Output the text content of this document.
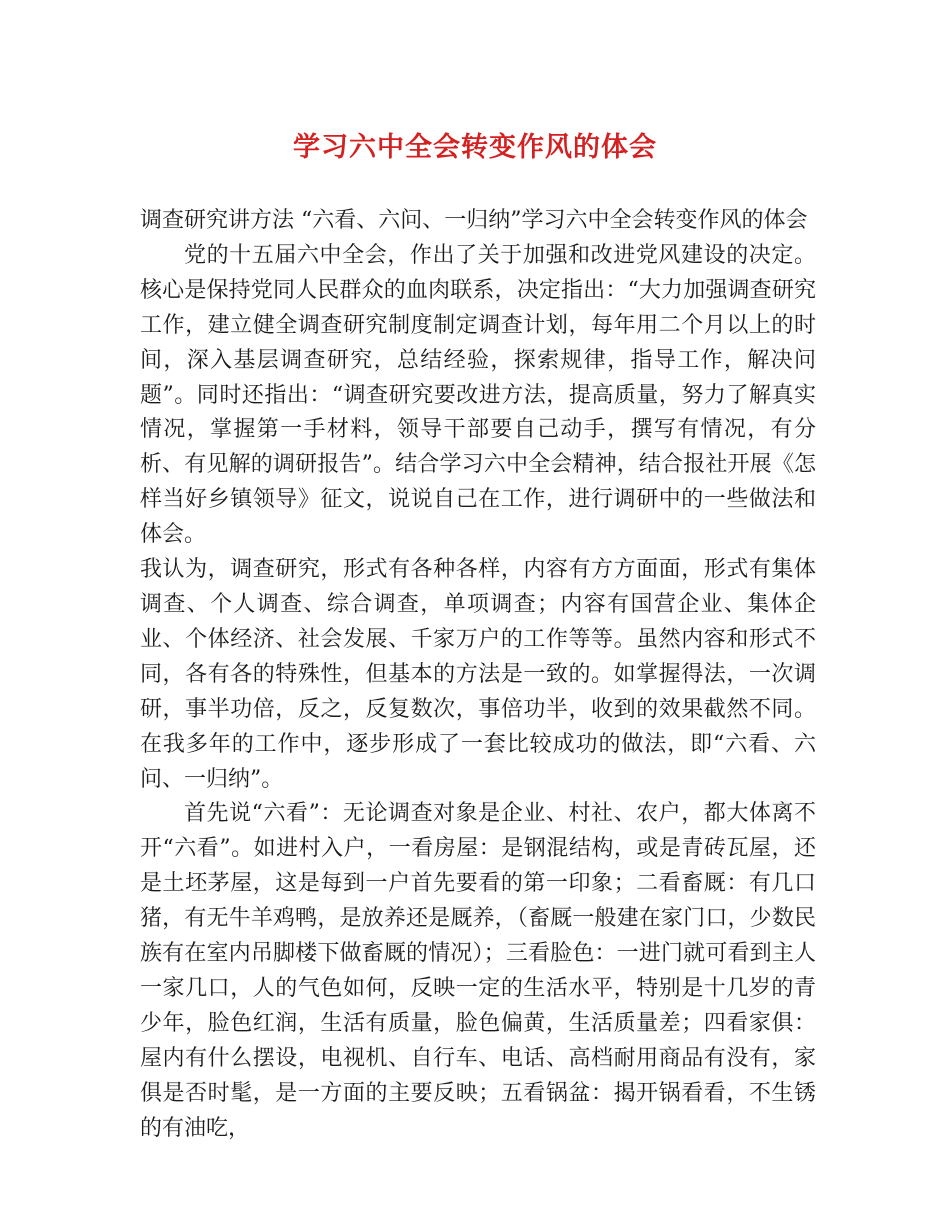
学习六中全会转变作风的体会

调查研究讲方法 “六看、六问、一归纳”学习六中全会转变作风的体会

党的十五届六中全会，作出了关于加强和改进党风建设的决定。核心是保持党同人民群众的血肉联系，决定指出：“大力加强调查研究工作，建立健全调查研究制度制定调查计划，每年用二个月以上的时间，深入基层调查研究，总结经验，探索规律，指导工作，解决问题”。同时还指出：“调查研究要改进方法，提高质量，努力了解真实情况，掌握第一手材料，领导干部要自己动手，撰写有情况，有分析、有见解的调研报告”。结合学习六中全会精神，结合报社开展《怎样当好乡镇领导》征文，说说自己在工作，进行调研中的一些做法和体会。

我认为，调查研究，形式有各种各样，内容有方方面面，形式有集体调查、个人调查、综合调查，单项调查；内容有国营企业、集体企业、个体经济、社会发展、千家万户的工作等等。虽然内容和形式不同，各有各的特殊性，但基本的方法是一致的。如掌握得法，一次调研，事半功倍，反之，反复数次，事倍功半，收到的效果截然不同。在我多年的工作中，逐步形成了一套比较成功的做法，即“六看、六问、一归纳”。

首先说“六看”：无论调查对象是企业、村社、农户，都大体离不开“六看”。如进村入户，一看房屋：是钢混结构，或是青砖瓦屋，还是土坯茅屋，这是每到一户首先要看的第一印象；二看畜厩：有几口猪，有无牛羊鸡鸭，是放养还是厩养，（畜厩一般建在家门口，少数民族有在室内吊脚楼下做畜厩的情况）；三看脸色：一进门就可看到主人一家几口，人的气色如何，反映一定的生活水平，特别是十几岁的青少年，脸色红润，生活有质量，脸色偏黄，生活质量差；四看家俱：屋内有什么摆设，电视机、自行车、电话、高档耐用商品有没有，家俱是否时髦，是一方面的主要反映；五看锅盆：揭开锅看看，不生锈的有油吃，
